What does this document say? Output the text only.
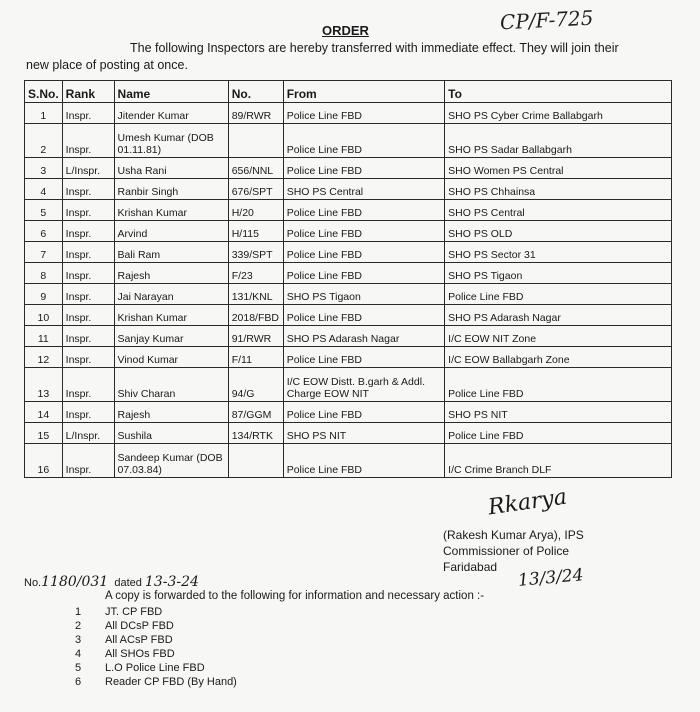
ORDER	CP/F-725
The following Inspectors are hereby transferred with immediate effect. They will join their
new place of posting at once.
S.No.	Rank	Name	No.	From	To
1	Inspr.	Jitender Kumar	89/RWR	Police Line FBD	SHO PS Cyber Crime Ballabgarh
2	Inspr.	Umesh Kumar (DOB 01.11.81)		Police Line FBD	SHO PS Sadar Ballabgarh
3	L/Inspr.	Usha Rani	656/NNL	Police Line FBD	SHO Women PS Central
4	Inspr.	Ranbir Singh	676/SPT	SHO PS Central	SHO PS Chhainsa
5	Inspr.	Krishan Kumar	H/20	Police Line FBD	SHO PS Central
6	Inspr.	Arvind	H/115	Police Line FBD	SHO PS OLD
7	Inspr.	Bali Ram	339/SPT	Police Line FBD	SHO PS Sector 31
8	Inspr.	Rajesh	F/23	Police Line FBD	SHO PS Tigaon
9	Inspr.	Jai Narayan	131/KNL	SHO PS Tigaon	Police Line FBD
10	Inspr.	Krishan Kumar	2018/FBD	Police Line FBD	SHO PS Adarash Nagar
11	Inspr.	Sanjay Kumar	91/RWR	SHO PS Adarash Nagar	I/C EOW NIT Zone
12	Inspr.	Vinod Kumar	F/11	Police Line FBD	I/C EOW Ballabgarh Zone
13	Inspr.	Shiv Charan	94/G	I/C EOW Distt. B.garh & Addl. Charge EOW NIT	Police Line FBD
14	Inspr.	Rajesh	87/GGM	Police Line FBD	SHO PS NIT
15	L/Inspr.	Sushila	134/RTK	SHO PS NIT	Police Line FBD
16	Inspr.	Sandeep Kumar (DOB 07.03.84)		Police Line FBD	I/C Crime Branch DLF
Rkarya
(Rakesh Kumar Arya), IPS
Commissioner of Police
Faridabad 13/3/24
No.1180/031 dated 13-3-24
A copy is forwarded to the following for information and necessary action :-
1 JT. CP FBD
2 All DCsP FBD
3 All ACsP FBD
4 All SHOs FBD
5 L.O Police Line FBD
6 Reader CP FBD (By Hand)
